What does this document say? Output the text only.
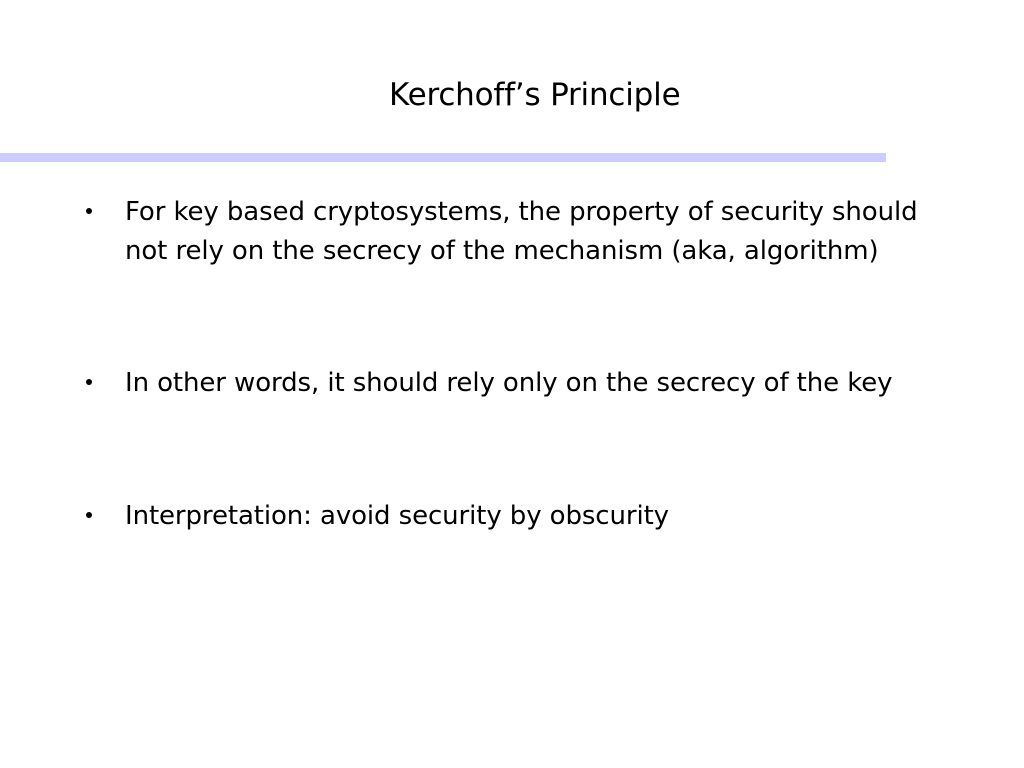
Kerchoff’s Principle
For key based cryptosystems, the property of security should not rely on the secrecy of the mechanism (aka, algorithm)
In other words, it should rely only on the secrecy of the key
Interpretation: avoid security by obscurity
